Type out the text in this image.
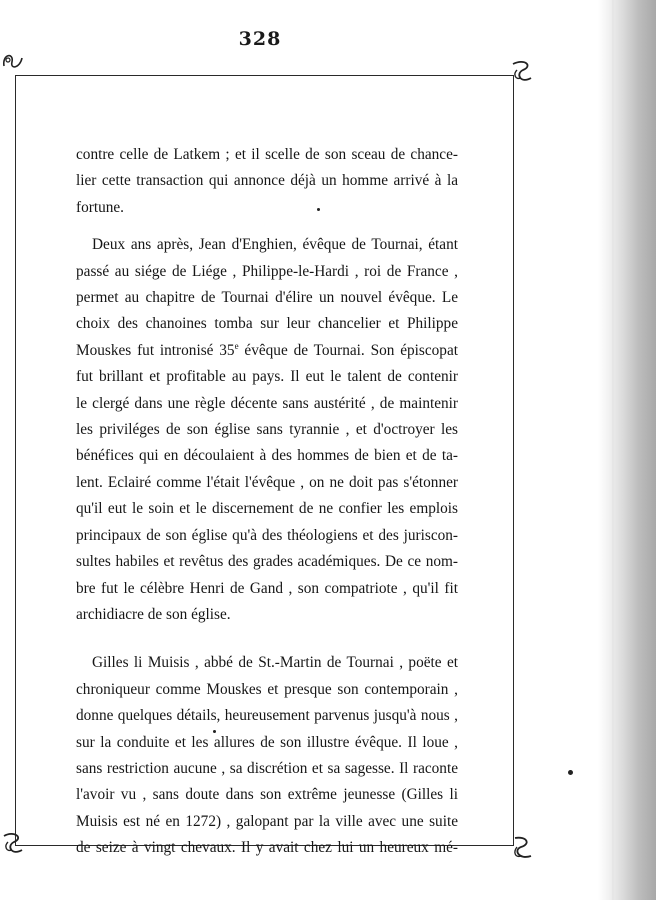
328
contre celle de Latkem ; et il scelle de son sceau de chance-
lier cette transaction qui annonce déjà un homme arrivé à la
fortune.
Deux ans après, Jean d'Enghien, évêque de Tournai, étant
passé au siége de Liége , Philippe-le-Hardi , roi de France ,
permet au chapitre de Tournai d'élire un nouvel évêque. Le
choix des chanoines tomba sur leur chancelier et Philippe
Mouskes fut intronisé 35e évêque de Tournai. Son épiscopat
fut brillant et profitable au pays. Il eut le talent de contenir
le clergé dans une règle décente sans austérité , de maintenir
les priviléges de son église sans tyrannie , et d'octroyer les
bénéfices qui en découlaient à des hommes de bien et de ta-
lent. Eclairé comme l'était l'évêque , on ne doit pas s'étonner
qu'il eut le soin et le discernement de ne confier les emplois
principaux de son église qu'à des théologiens et des juriscon-
sultes habiles et revêtus des grades académiques. De ce nom-
bre fut le célèbre Henri de Gand , son compatriote , qu'il fit
archidiacre de son église.
Gilles li Muisis , abbé de St.-Martin de Tournai , poëte et
chroniqueur comme Mouskes et presque son contemporain ,
donne quelques détails, heureusement parvenus jusqu'à nous ,
sur la conduite et les allures de son illustre évêque. Il loue ,
sans restriction aucune , sa discrétion et sa sagesse. Il raconte
l'avoir vu , sans doute dans son extrême jeunesse (Gilles li
Muisis est né en 1272) , galopant par la ville avec une suite
de seize à vingt chevaux. Il y avait chez lui un heureux mé-
